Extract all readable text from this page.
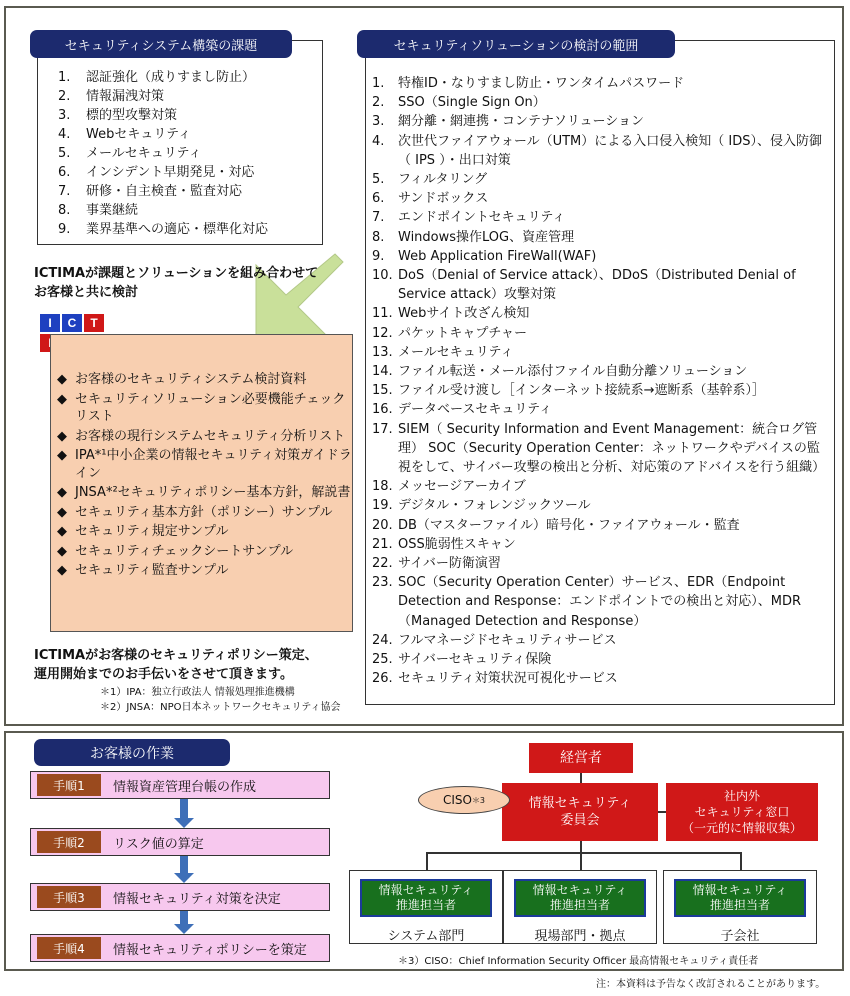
1.	認証強化（成りすまし防止）
2.	情報漏洩対策
3.	標的型攻撃対策
4.	Webセキュリティ
5.	メールセキュリティ
6.	インシデント早期発見・対応
7.	研修・自主検査・監査対応
8.	事業継続
9.	業界基準への適応・標準化対応
セキュリティシステム構築の課題
ICTIMAが課題とソリューションを組み合わせて
お客様と共に検討
I	C	T
◆ お客様のセキュリティシステム検討資料
◆ セキュリティソリューション必要機能チェックリスト
◆ お客様の現行システムセキュリティ分析リスト
◆ IPA*¹中小企業の情報セキュリティ対策ガイドライン
◆ JNSA*²セキュリティポリシー基本方針，解説書
◆ セキュリティ基本方針（ポリシー）サンプル
◆ セキュリティ規定サンプル
◆ セキュリティチェックシートサンプル
◆ セキュリティ監査サンプル
ICTIMAがお客様のセキュリティポリシー策定、
運用開始までのお手伝いをさせて頂きます。
＊1）IPA：独立行政法人 情報処理推進機構
＊2）JNSA：NPO日本ネットワークセキュリティ協会
1.	特権ID・なりすまし防止・ワンタイムパスワード
2.	SSO（Single Sign On）
3.	網分離・網連携・コンテナソリューション
4.	次世代ファイアウォール（UTM）による入口侵入検知（ IDS）、侵入防御（ IPS ）・出口対策
5.	フィルタリング
6.	サンドボックス
7.	エンドポイントセキュリティ
8.	Windows操作LOG、資産管理
9.	Web Application FireWall(WAF)
10. DoS（Denial of Service attack）、DDoS（Distributed Denial of Service attack）攻撃対策
11. Webサイト改ざん検知
12. パケットキャプチャー
13. メールセキュリティ
14. ファイル転送・メール添付ファイル自動分離ソリューション
15. ファイル受け渡し［インターネット接続系→遮断系（基幹系）］
16. データベースセキュリティ
17. SIEM（ Security Information and Event Management：統合ログ管理） SOC（Security Operation Center：ネットワークやデバイスの監視をして、サイバー攻撃の検出と分析、対応策のアドバイスを行う組織）
18. メッセージアーカイブ
19. デジタル・フォレンジックツール
20. DB（マスターファイル）暗号化・ファイアウォール・監査
21. OSS脆弱性スキャン
22. サイバー防衛演習
23. SOC（Security Operation Center）サービス、EDR（Endpoint Detection and Response：エンドポイントでの検出と対応）、MDR（Managed Detection and Response）
24. フルマネージドセキュリティサービス
25. サイバーセキュリティ保険
26. セキュリティ対策状況可視化サービス
セキュリティソリューションの検討の範囲
お客様の作業
手順1	情報資産管理台帳の作成
手順2	リスク値の算定
手順3	情報セキュリティ対策を決定
手順4	情報セキュリティポリシーを策定
経営者
情報セキュリティ
委員会
CISO ＊3	社内外
セキュリティ窓口
（一元的に情報収集）
情報セキュリティ
推進担当者
システム部門
情報セキュリティ
推進担当者
現場部門・拠点
情報セキュリティ
推進担当者
子会社
＊3）CISO：Chief Information Security Officer 最高情報セキュリティ責任者
注：本資料は予告なく改訂されることがあります。
